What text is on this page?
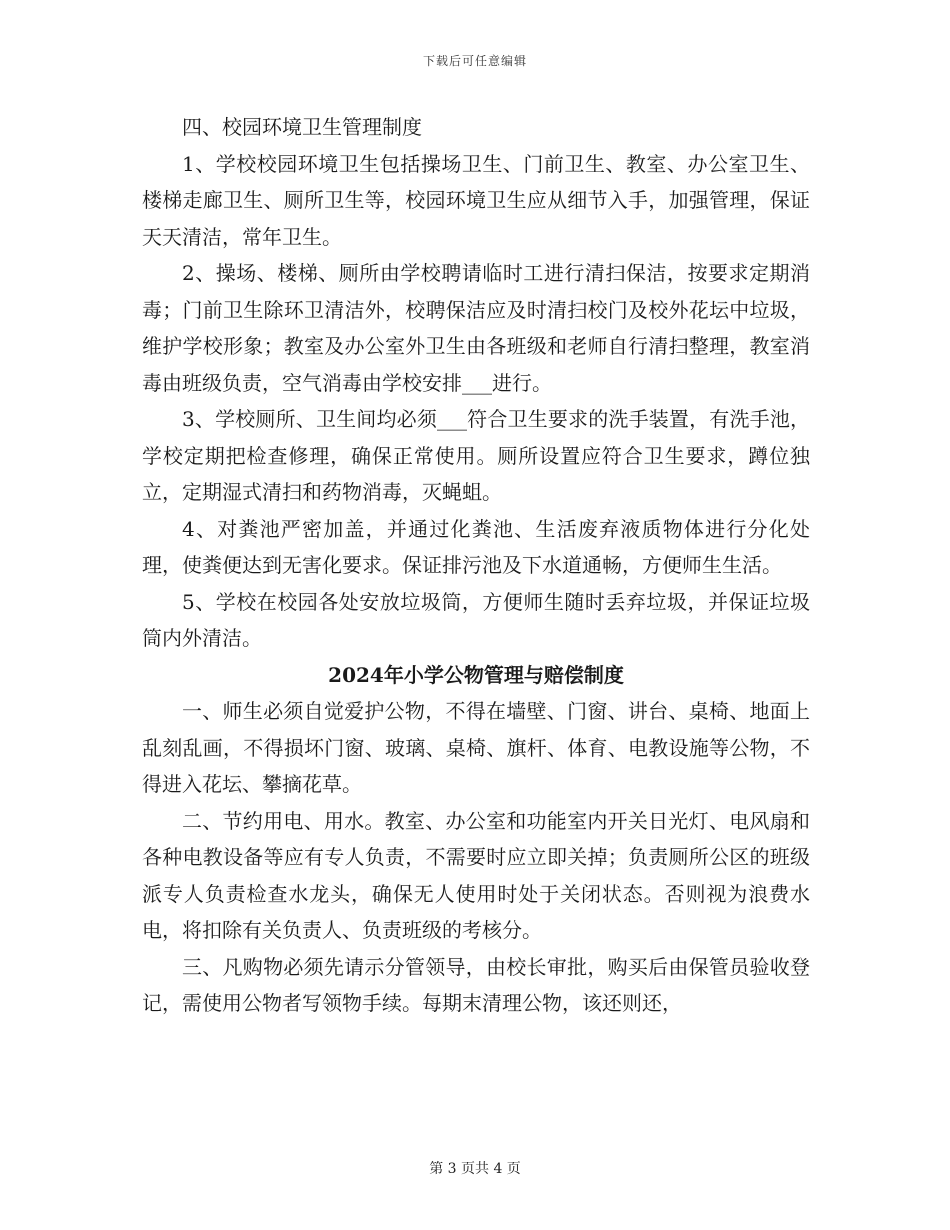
下载后可任意编辑

四、校园环境卫生管理制度

1、学校校园环境卫生包括操场卫生、门前卫生、教室、办公室卫生、楼梯走廊卫生、厕所卫生等，校园环境卫生应从细节入手，加强管理，保证天天清洁，常年卫生。

2、操场、楼梯、厕所由学校聘请临时工进行清扫保洁，按要求定期消毒；门前卫生除环卫清洁外，校聘保洁应及时清扫校门及校外花坛中垃圾，维护学校形象；教室及办公室外卫生由各班级和老师自行清扫整理，教室消毒由班级负责，空气消毒由学校安排___进行。

3、学校厕所、卫生间均必须___符合卫生要求的洗手装置，有洗手池，学校定期把检查修理，确保正常使用。厕所设置应符合卫生要求，蹲位独立，定期湿式清扫和药物消毒，灭蝇蛆。

4、对粪池严密加盖，并通过化粪池、生活废弃液质物体进行分化处理，使粪便达到无害化要求。保证排污池及下水道通畅，方便师生生活。

5、学校在校园各处安放垃圾筒，方便师生随时丢弃垃圾，并保证垃圾筒内外清洁。

2024年小学公物管理与赔偿制度

一、师生必须自觉爱护公物，不得在墙壁、门窗、讲台、桌椅、地面上乱刻乱画，不得损坏门窗、玻璃、桌椅、旗杆、体育、电教设施等公物，不得进入花坛、攀摘花草。

二、节约用电、用水。教室、办公室和功能室内开关日光灯、电风扇和各种电教设备等应有专人负责，不需要时应立即关掉；负责厕所公区的班级派专人负责检查水龙头，确保无人使用时处于关闭状态。否则视为浪费水电，将扣除有关负责人、负责班级的考核分。

三、凡购物必须先请示分管领导，由校长审批，购买后由保管员验收登记，需使用公物者写领物手续。每期末清理公物，该还则还，

第 3 页共 4 页
